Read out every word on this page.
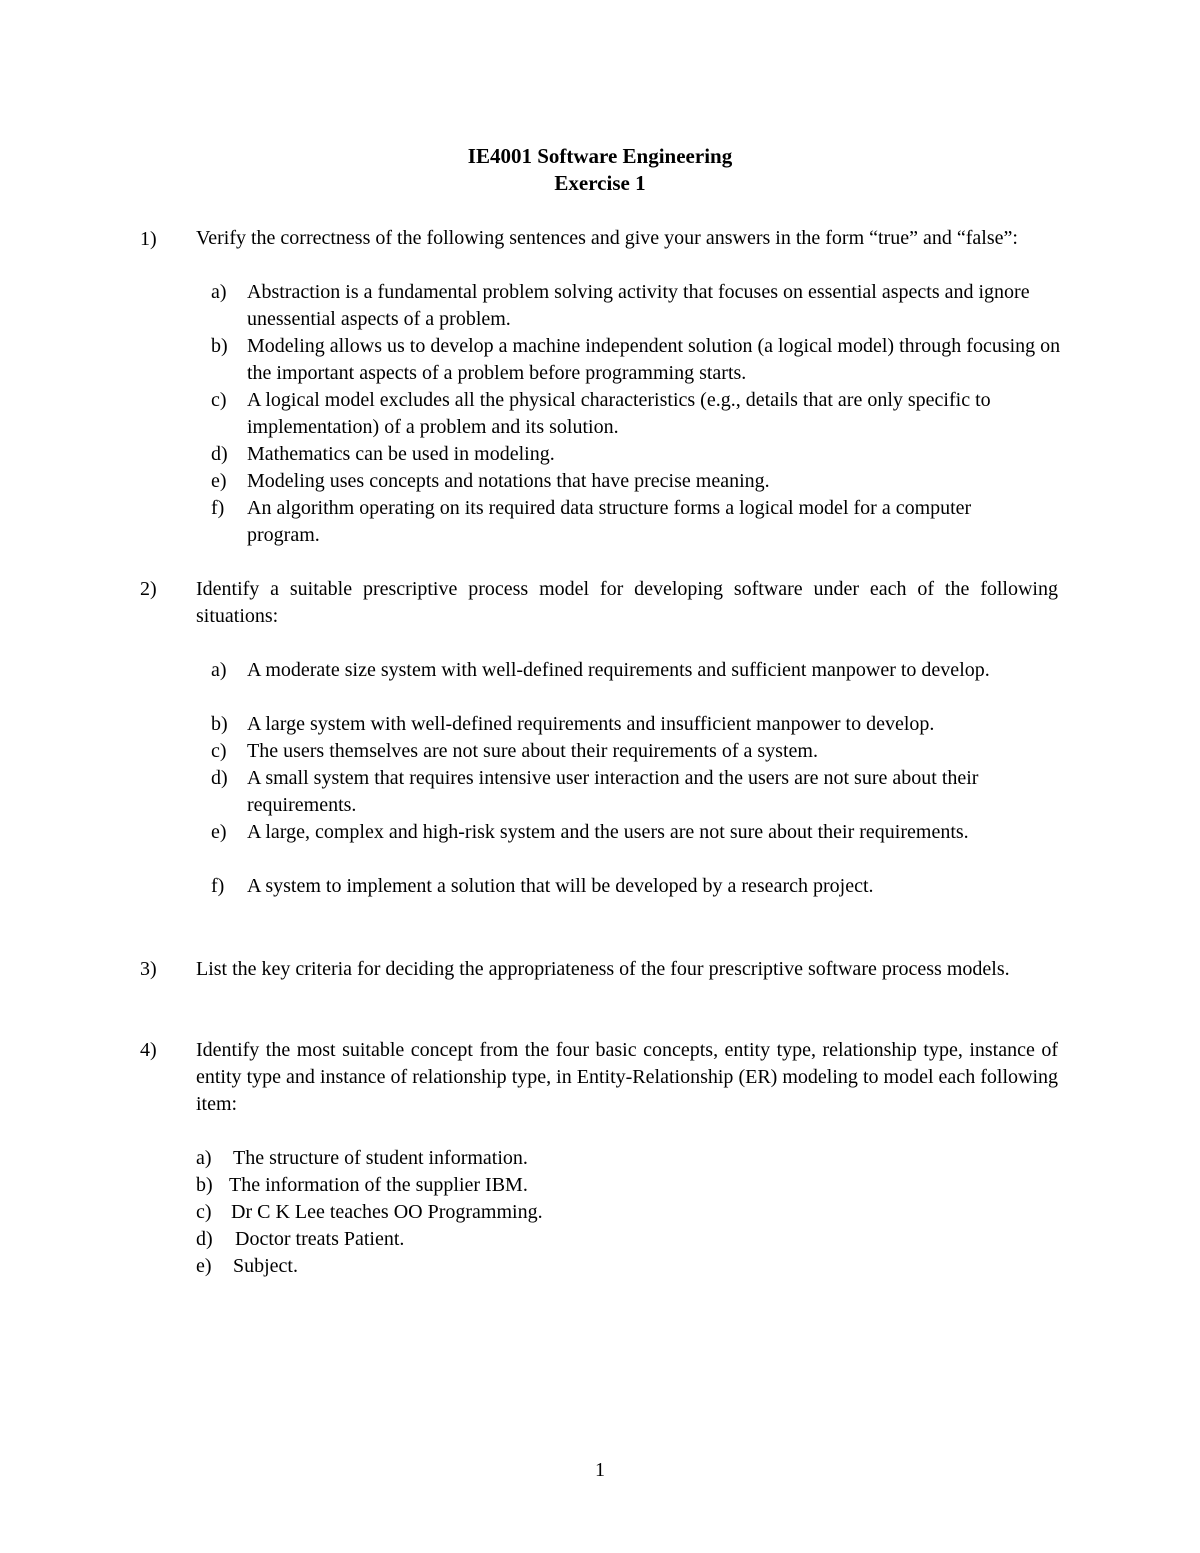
IE4001 Software Engineering
Exercise 1
1) Verify the correctness of the following sentences and give your answers in the form “true” and “false”:
a) Abstraction is a fundamental problem solving activity that focuses on essential aspects and ignore unessential aspects of a problem.
b) Modeling allows us to develop a machine independent solution (a logical model) through focusing on the important aspects of a problem before programming starts.
c) A logical model excludes all the physical characteristics (e.g., details that are only specific to implementation) of a problem and its solution.
d) Mathematics can be used in modeling.
e) Modeling uses concepts and notations that have precise meaning.
f) An algorithm operating on its required data structure forms a logical model for a computer program.
2) Identify a suitable prescriptive process model for developing software under each of the following situations:
a) A moderate size system with well-defined requirements and sufficient manpower to develop.
b) A large system with well-defined requirements and insufficient manpower to develop.
c) The users themselves are not sure about their requirements of a system.
d) A small system that requires intensive user interaction and the users are not sure about their requirements.
e) A large, complex and high-risk system and the users are not sure about their requirements.
f) A system to implement a solution that will be developed by a research project.
3) List the key criteria for deciding the appropriateness of the four prescriptive software process models.
4) Identify the most suitable concept from the four basic concepts, entity type, relationship type, instance of entity type and instance of relationship type, in Entity-Relationship (ER) modeling to model each following item:
a) The structure of student information.
b) The information of the supplier IBM.
c) Dr C K Lee teaches OO Programming.
d) Doctor treats Patient.
e) Subject.
1
